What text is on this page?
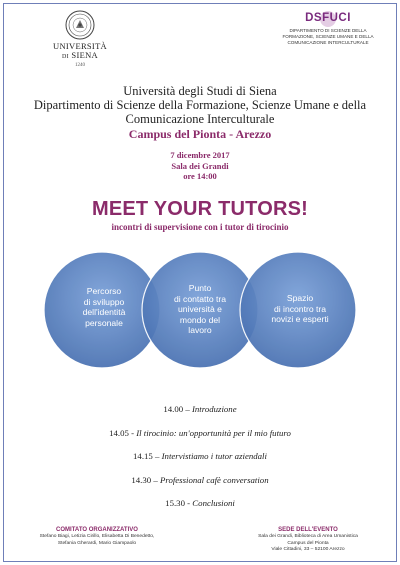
UNIVERSITÀ
DI SIENA
1240
DSFUCI
DIPARTIMENTO DI SCIENZE DELLA
FORMAZIONE, SCIENZE UMANE E DELLA
COMUNICAZIONE INTERCULTURALE
Università degli Studi di Siena
Dipartimento di Scienze della Formazione, Scienze Umane e della
Comunicazione Interculturale
Campus del Pionta - Arezzo
7 dicembre 2017
Sala dei Grandi
ore 14:00
MEET YOUR TUTORS!
incontri di supervisione con i tutor di tirocinio
Percorso
di sviluppo
dell'identità
personale
Punto
di contatto tra
università e
mondo del
lavoro
Spazio
di incontro tra
novizi e esperti
14.00 – Introduzione
14.05 - Il tirocinio: un'opportunità per il mio futuro
14.15 – Intervistiamo i tutor aziendali
14.30 – Professional cafè conversation
15.30 - Conclusioni
COMITATO ORGANIZZATIVO
Stefano Biagi, Letizia Cirillo, Elisabetta Di Benedetto,
Stefania Gherardi, Mario Giampaolo
SEDE DELL'EVENTO
Sala dei Grandi, Biblioteca di Area Umanistica
Campus del Pionta
Viale Cittadini, 33 – 52100 Arezzo
